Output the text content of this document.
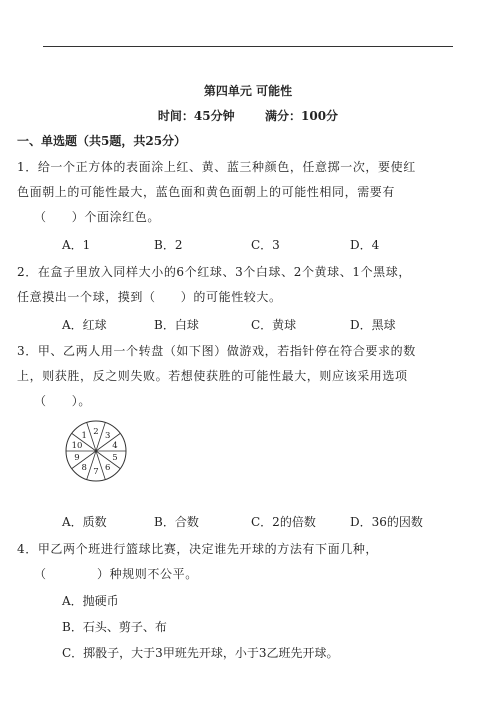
第四单元 可能性
时间：45分钟	满分：100分
一、单选题（共5题，共25分）
1．给一个正方体的表面涂上红、黄、蓝三种颜色，任意掷一次，要使红
色面朝上的可能性最大，蓝色面和黄色面朝上的可能性相同，需要有
（　　）个面涂红色。
A．1	B．2	C．3	D．4
2．在盒子里放入同样大小的6个红球、3个白球、2个黄球、1个黑球，
任意摸出一个球，摸到（　　）的可能性较大。
A．红球	B．白球	C．黄球	D．黑球
3．甲、乙两人用一个转盘（如下图）做游戏，若指针停在符合要求的数
上，则获胜，反之则失败。若想使获胜的可能性最大，则应该采用选项
（　　）。
2 3
4
5
6
7
8
9
10
1
A．质数	B．合数	C．2的倍数	D．36的因数
4．甲乙两个班进行篮球比赛，决定谁先开球的方法有下面几种，
（　　　　）种规则不公平。
A．抛硬币
B．石头、剪子、布
C．掷骰子，大于3甲班先开球，小于3乙班先开球。
